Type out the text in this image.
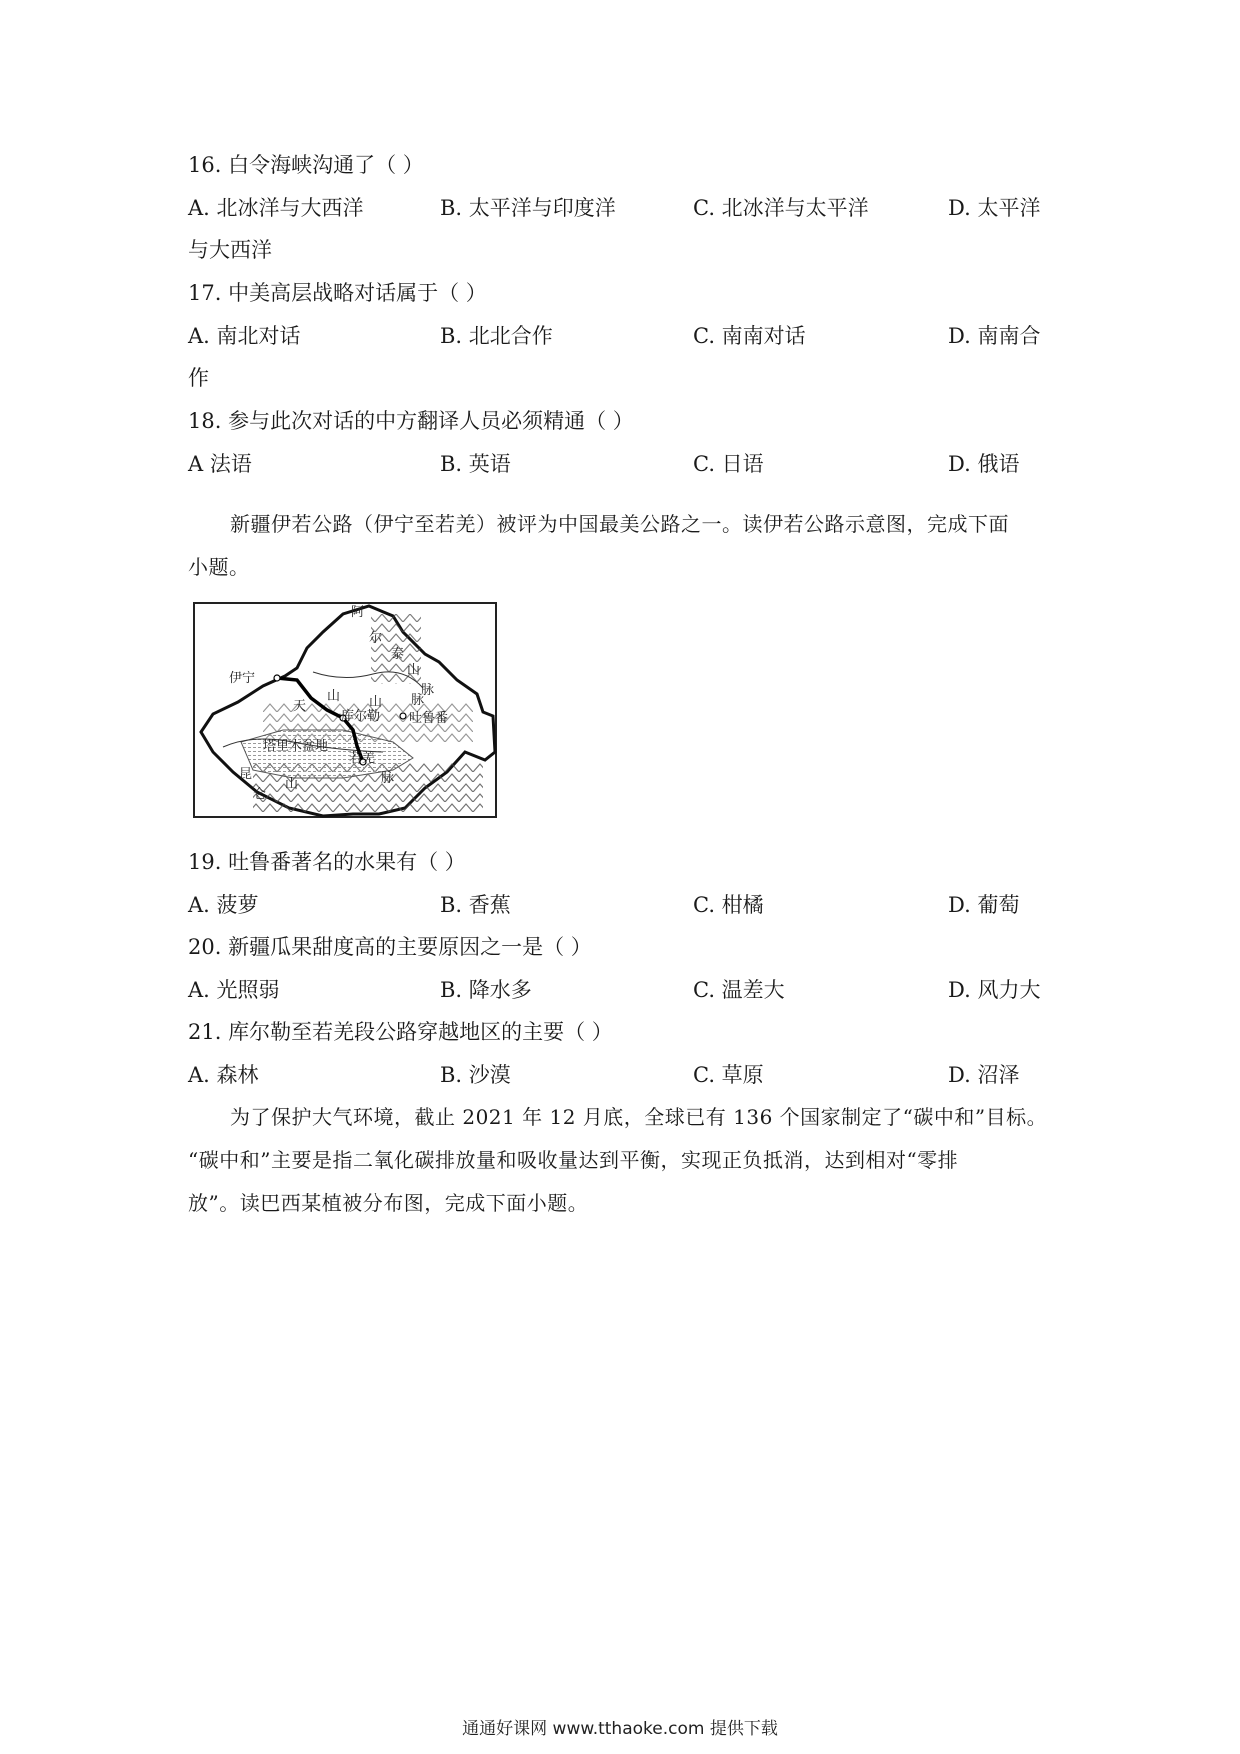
16. 白令海峡沟通了（ ）
A. 北冰洋与大西洋	B. 太平洋与印度洋	C. 北冰洋与太平洋	D. 太平洋
与大西洋
17. 中美高层战略对话属于（ ）
A. 南北对话	B. 北北合作	C. 南南对话	D. 南南合
作
18. 参与此次对话的中方翻译人员必须精通（ ）
A 法语	B. 英语	C. 日语	D. 俄语

新疆伊若公路（伊宁至若羌）被评为中国最美公路之一。读伊若公路示意图，完成下面

小题。

阿
尔
泰
山
脉
伊宁
天
山 山 脉
库尔勒 吐鲁番
塔里木盆地
若羌
昆
仑
山	脉
19. 吐鲁番著名的水果有（ ）
A. 菠萝	B. 香蕉	C. 柑橘	D. 葡萄
20. 新疆瓜果甜度高的主要原因之一是（ ）
A. 光照弱	B. 降水多	C. 温差大	D. 风力大
21. 库尔勒至若羌段公路穿越地区的主要（ ）
A. 森林	B. 沙漠	C. 草原	D. 沼泽

为了保护大气环境，截止 2021 年 12 月底，全球已有 136 个国家制定了“碳中和”目标。

“碳中和”主要是指二氧化碳排放量和吸收量达到平衡，实现正负抵消，达到相对“零排

放”。读巴西某植被分布图，完成下面小题。

通通好课网 www.tthaoke.com 提供下载
